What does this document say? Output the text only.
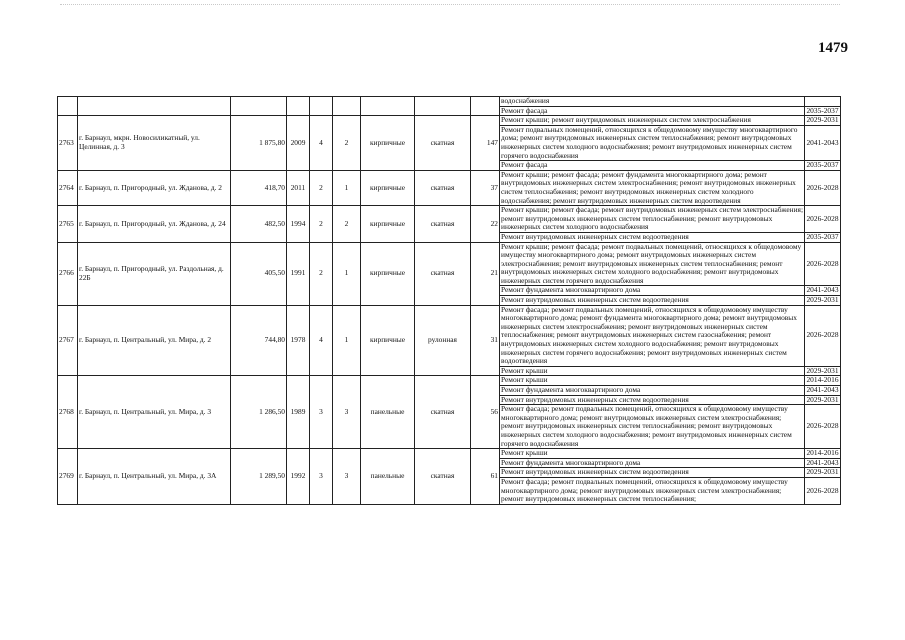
1479
									водоснабжения	
									Ремонт фасада	2035-2037
2763	г. Барнаул, мкрн. Новосиликатный, ул. Целинная, д. 3	1 875,80	2009	4	2	кирпичные	скатная	147	Ремонт крыши; ремонт внутридомовых инженерных систем электроснабжения	2029-2031
									Ремонт подвальных помещений, относящихся к общедомовому имуществу многоквартирного дома; ремонт внутридомовых инженерных систем теплоснабжения; ремонт внутридомовых инженерных систем холодного водоснабжения; ремонт внутридомовых инженерных систем горячего водоснабжения	2041-2043
									Ремонт фасада	2035-2037
2764	г. Барнаул, п. Пригородный, ул. Жданова, д. 2	418,70	2011	2	1	кирпичные	скатная	37	Ремонт крыши; ремонт фасада; ремонт фундамента многоквартирного дома; ремонт внутридомовых инженерных систем электроснабжения; ремонт внутридомовых инженерных систем теплоснабжения; ремонт внутридомовых инженерных систем холодного водоснабжения; ремонт внутридомовых инженерных систем водоотведения	2026-2028
2765	г. Барнаул, п. Пригородный, ул. Жданова, д. 24	482,50	1994	2	2	кирпичные	скатная	22	Ремонт крыши; ремонт фасада; ремонт внутридомовых инженерных систем электроснабжения; ремонт внутридомовых инженерных систем теплоснабжения; ремонт внутридомовых инженерных систем холодного водоснабжения	2026-2028
									Ремонт внутридомовых инженерных систем водоотведения	2035-2037
2766	г. Барнаул, п. Пригородный, ул. Раздольная, д. 22Б	405,50	1991	2	1	кирпичные	скатная	21	Ремонт крыши; ремонт фасада; ремонт подвальных помещений, относящихся к общедомовому имуществу многоквартирного дома; ремонт внутридомовых инженерных систем электроснабжения; ремонт внутридомовых инженерных систем теплоснабжения; ремонт внутридомовых инженерных систем холодного водоснабжения; ремонт внутридомовых инженерных систем горячего водоснабжения	2026-2028
									Ремонт фундамента многоквартирного дома	2041-2043
									Ремонт внутридомовых инженерных систем водоотведения	2029-2031
2767	г. Барнаул, п. Центральный, ул. Мира, д. 2	744,80	1978	4	1	кирпичные	рулонная	31	Ремонт фасада; ремонт подвальных помещений, относящихся к общедомовому имуществу многоквартирного дома; ремонт фундамента многоквартирного дома; ремонт внутридомовых инженерных систем электроснабжения; ремонт внутридомовых инженерных систем теплоснабжения; ремонт внутридомовых инженерных систем газоснабжения; ремонт внутридомовых инженерных систем холодного водоснабжения; ремонт внутридомовых инженерных систем горячего водоснабжения; ремонт внутридомовых инженерных систем водоотведения	2026-2028
									Ремонт крыши	2029-2031
2768	г. Барнаул, п. Центральный, ул. Мира, д. 3	1 286,50	1989	3	3	панельные	скатная	56	Ремонт крыши	2014-2016
									Ремонт фундамента многоквартирного дома	2041-2043
									Ремонт внутридомовых инженерных систем водоотведения	2029-2031
									Ремонт фасада; ремонт подвальных помещений, относящихся к общедомовому имуществу многоквартирного дома; ремонт внутридомовых инженерных систем электроснабжения; ремонт внутридомовых инженерных систем теплоснабжения; ремонт внутридомовых инженерных систем холодного водоснабжения; ремонт внутридомовых инженерных систем горячего водоснабжения	2026-2028
2769	г. Барнаул, п. Центральный, ул. Мира, д. 3А	1 289,50	1992	3	3	панельные	скатная	61	Ремонт крыши	2014-2016
									Ремонт фундамента многоквартирного дома	2041-2043
									Ремонт внутридомовых инженерных систем водоотведения	2029-2031
									Ремонт фасада; ремонт подвальных помещений, относящихся к общедомовому имуществу многоквартирного дома; ремонт внутридомовых инженерных систем электроснабжения; ремонт внутридомовых инженерных систем теплоснабжения;	2026-2028
